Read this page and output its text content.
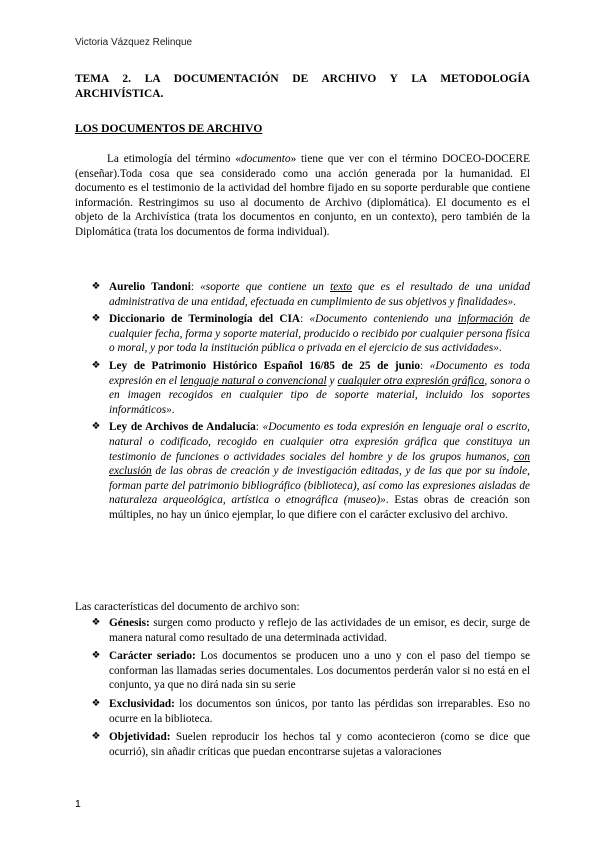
Victoria Vázquez Relinque
TEMA 2. LA DOCUMENTACIÓN DE ARCHIVO Y LA METODOLOGÍA ARCHIVÍSTICA.
LOS DOCUMENTOS DE ARCHIVO

La etimología del término «documento» tiene que ver con el término DOCEO-DOCERE (enseñar).Toda cosa que sea considerado como una acción generada por la humanidad. El documento es el testimonio de la actividad del hombre fijado en su soporte perdurable que contiene información. Restringimos su uso al documento de Archivo (diplomática). El documento es el objeto de la Archivística (trata los documentos en conjunto, en un contexto), pero también de la Diplomática (trata los documentos de forma individual).

❖ Aurelio Tandoni: «soporte que contiene un texto que es el resultado de una unidad administrativa de una entidad, efectuada en cumplimiento de sus objetivos y finalidades».
❖ Diccionario de Terminología del CIA: «Documento conteniendo una información de cualquier fecha, forma y soporte material, producido o recibido por cualquier persona física o moral, y por toda la institución pública o privada en el ejercicio de sus actividades».
❖ Ley de Patrimonio Histórico Español 16/85 de 25 de junio: «Documento es toda expresión en el lenguaje natural o convencional y cualquier otra expresión gráfica, sonora o en imagen recogidos en cualquier tipo de soporte material, incluido los soportes informáticos».
❖ Ley de Archivos de Andalucía: «Documento es toda expresión en lenguaje oral o escrito, natural o codificado, recogido en cualquier otra expresión gráfica que constituya un testimonio de funciones o actividades sociales del hombre y de los grupos humanos, con exclusión de las obras de creación y de investigación editadas, y de las que por su índole, forman parte del patrimonio bibliográfico (biblioteca), así como las expresiones aisladas de naturaleza arqueológica, artística o etnográfica (museo)». Estas obras de creación son múltiples, no hay un único ejemplar, lo que difiere con el carácter exclusivo del archivo.

Las características del documento de archivo son:

❖ Génesis: surgen como producto y reflejo de las actividades de un emisor, es decir, surge de manera natural como resultado de una determinada actividad.
❖ Carácter seriado: Los documentos se producen uno a uno y con el paso del tiempo se conforman las llamadas series documentales. Los documentos perderán valor si no está en el conjunto, ya que no dirá nada sin su serie
❖ Exclusividad: los documentos son únicos, por tanto las pérdidas son irreparables. Eso no ocurre en la biblioteca.
❖ Objetividad: Suelen reproducir los hechos tal y como acontecieron (como se dice que ocurrió), sin añadir críticas que puedan encontrarse sujetas a valoraciones
1
